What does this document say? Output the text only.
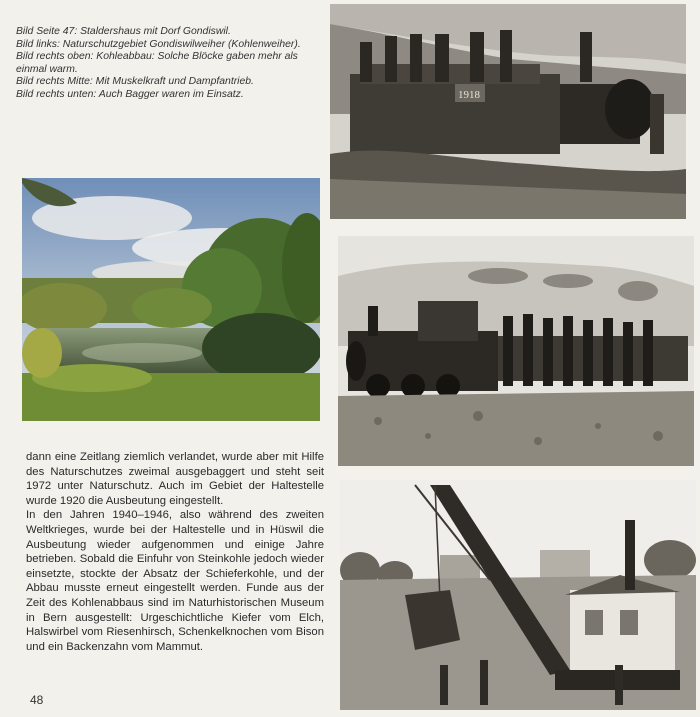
Bild Seite 47: Staldershaus mit Dorf Gondiswil.
Bild links: Naturschutzgebiet Gondiswilweiher (Kohlenweiher).
Bild rechts oben: Kohleabbau: Solche Blöcke gaben mehr als einmal warm.
Bild rechts Mitte: Mit Muskelkraft und Dampfantrieb.
Bild rechts unten: Auch Bagger waren im Einsatz.	1918

dann eine Zeitlang ziemlich verlandet, wurde aber mit Hilfe des Naturschutzes zweimal ausgebaggert und steht seit 1972 unter Naturschutz. Auch im Gebiet der Haltestelle wurde 1920 die Ausbeutung eingestellt.

In den Jahren 1940–1946, also während des zweiten Weltkrieges, wurde bei der Haltestelle und in Hüswil die Ausbeutung wieder aufgenommen und einige Jahre betrieben. Sobald die Einfuhr von Steinkohle jedoch wieder einsetzte, stockte der Absatz der Schieferkohle, und der Abbau musste erneut eingestellt werden. Funde aus der Zeit des Kohlenabbaus sind im Naturhistorischen Museum in Bern ausgestellt: Urgeschichtliche Kiefer vom Elch, Halswirbel vom Riesenhirsch, Schenkelknochen vom Bison und ein Backenzahn vom Mammut.

48
